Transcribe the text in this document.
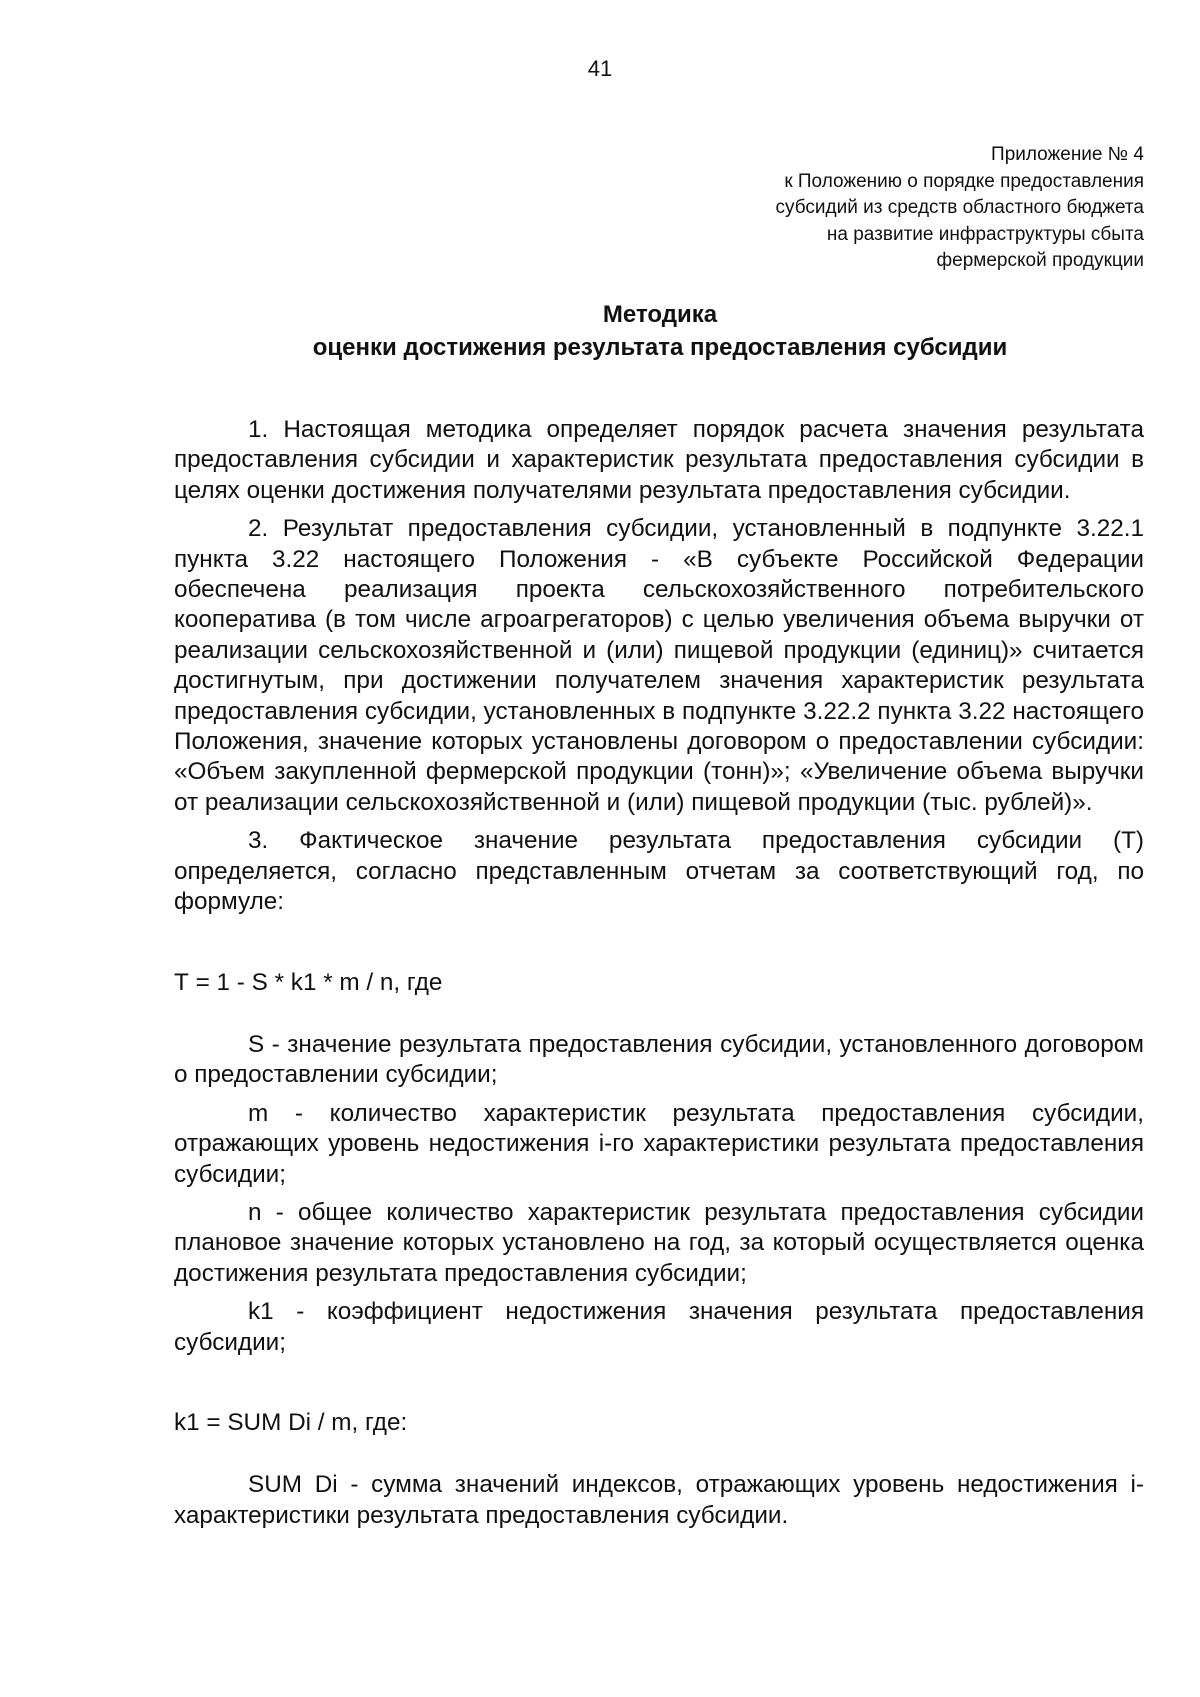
41
Приложение № 4
к Положению о порядке предоставления
субсидий из средств областного бюджета
на развитие инфраструктуры сбыта
фермерской продукции
Методика
оценки достижения результата предоставления субсидии

1. Настоящая методика определяет порядок расчета значения результата предоставления субсидии и характеристик результата предоставления субсидии в целях оценки достижения получателями результата предоставления субсидии.

2. Результат предоставления субсидии, установленный в подпункте 3.22.1 пункта 3.22 настоящего Положения - «В субъекте Российской Федерации обеспечена реализация проекта сельскохозяйственного потребительского кооператива (в том числе агроагрегаторов) с целью увеличения объема выручки от реализации сельскохозяйственной и (или) пищевой продукции (единиц)» считается достигнутым, при достижении получателем значения характеристик результата предоставления субсидии, установленных в подпункте 3.22.2 пункта 3.22 настоящего Положения, значение которых установлены договором о предоставлении субсидии: «Объем закупленной фермерской продукции (тонн)»; «Увеличение объема выручки от реализации сельскохозяйственной и (или) пищевой продукции (тыс. рублей)».

3. Фактическое значение результата предоставления субсидии (Т) определяется, согласно представленным отчетам за соответствующий год, по формуле:

Т = 1 - S * k1 * m / n, где

S - значение результата предоставления субсидии, установленного договором о предоставлении субсидии;

m - количество характеристик результата предоставления субсидии, отражающих уровень недостижения i-го характеристики результата предоставления субсидии;

n - общее количество характеристик результата предоставления субсидии плановое значение которых установлено на год, за который осуществляется оценка достижения результата предоставления субсидии;

k1 - коэффициент недостижения значения результата предоставления субсидии;

k1 = SUM Di / m, где:

SUM Di - сумма значений индексов, отражающих уровень недостижения i-характеристики результата предоставления субсидии.
